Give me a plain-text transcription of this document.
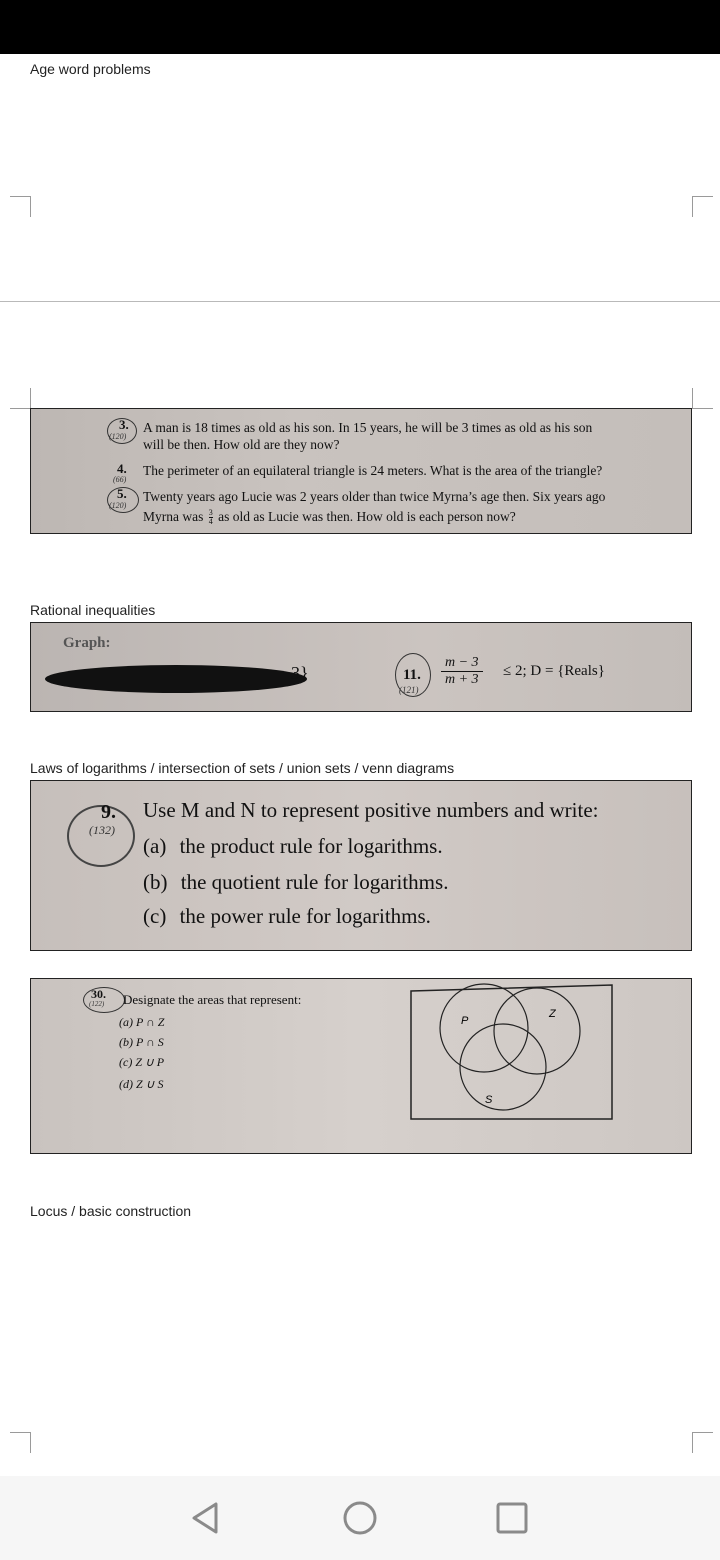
Age word problems
3.
(120)
A man is 18 times as old as his son. In 15 years, he will be 3 times as old as his son
will be then. How old are they now?
4.
(66)
The perimeter of an equilateral triangle is 24 meters. What is the area of the triangle?
5.
(120)
Twenty years ago Lucie was 2 years older than twice Myrna’s age then. Six years ago
Myrna was $\frac{3}{4}$ as old as Lucie was then. How old is each person now?
Rational inequalities
Graph:
3}	11.
(121)
$\frac{m - 3}{m + 3} \le 2$; D = {Reals}
Laws of logarithms / intersection of sets / union sets / venn diagrams
9.
(132)
Use M and N to represent positive numbers and write:
(a) the product rule for logarithms.
(b) the quotient rule for logarithms.
(c) the power rule for logarithms.
30.
(122) Designate the areas that represent:
(a) P ∩ Z
(b) P ∩ S
(c) Z ∪ P
(d) Z ∪ S
P
Z
S
Locus / basic construction
